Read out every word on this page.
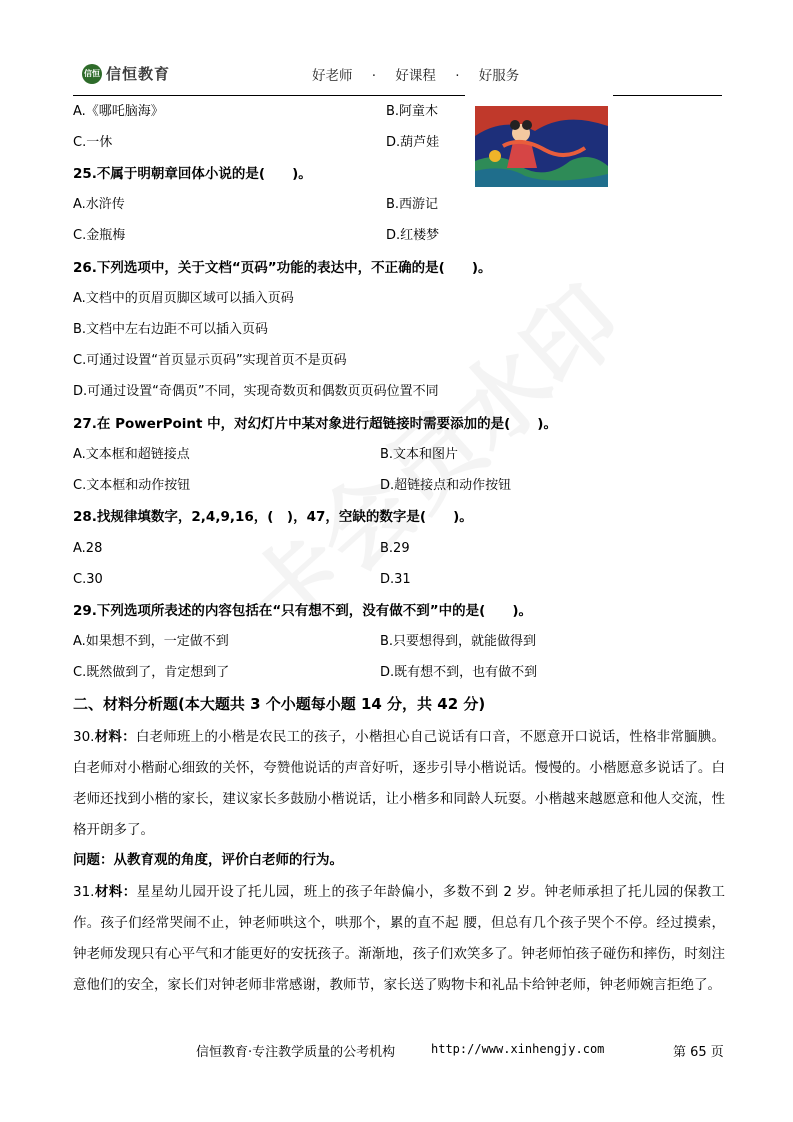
信恒 信恒教育	好老师 · 好课程 · 好服务
A.《哪吒脑海》	B.阿童木
C.一休	D.葫芦娃
25.不属于明朝章回体小说的是(　　)。
A.水浒传	B.西游记
C.金瓶梅	D.红楼梦
26.下列选项中，关于文档“页码”功能的表达中，不正确的是(　　)。
A.文档中的页眉页脚区域可以插入页码
B.文档中左右边距不可以插入页码
C.可通过设置“首页显示页码”实现首页不是页码
D.可通过设置“奇偶页”不同，实现奇数页和偶数页页码位置不同
27.在 PowerPoint 中，对幻灯片中某对象进行超链接时需要添加的是(　　)。
A.文本框和超链接点	B.文本和图片
C.文本框和动作按钮	D.超链接点和动作按钮
28.找规律填数字，2,4,9,16，(　)，47，空缺的数字是(　　)。
A.28	B.29
C.30	D.31
29.下列选项所表述的内容包括在“只有想不到，没有做不到”中的是(　　)。
A.如果想不到，一定做不到	B.只要想得到，就能做得到
C.既然做到了，肯定想到了	D.既有想不到，也有做不到
二、材料分析题(本大题共 3 个小题每小题 14 分，共 42 分)
30.材料：白老师班上的小楷是农民工的孩子，小楷担心自己说话有口音，不愿意开口说话，性格非常腼腆。白老师对小楷耐心细致的关怀，夸赞他说话的声音好听，逐步引导小楷说话。慢慢的。小楷愿意多说话了。白老师还找到小楷的家长，建议家长多鼓励小楷说话，让小楷多和同龄人玩耍。小楷越来越愿意和他人交流，性格开朗多了。
问题：从教育观的角度，评价白老师的行为。
31.材料：星星幼儿园开设了托儿园，班上的孩子年龄偏小，多数不到 2 岁。钟老师承担了托儿园的保教工作。孩子们经常哭闹不止，钟老师哄这个，哄那个，累的直不起 腰，但总有几个孩子哭个不停。经过摸索，钟老师发现只有心平气和才能更好的安抚孩子。渐渐地，孩子们欢笑多了。钟老师怕孩子碰伤和摔伤，时刻注意他们的安全，家长们对钟老师非常感谢，教师节，家长送了购物卡和礼品卡给钟老师，钟老师婉言拒绝了。
信恒教育·专注教学质量的公考机构	http://www.xinhengjy.com	第 65 页
